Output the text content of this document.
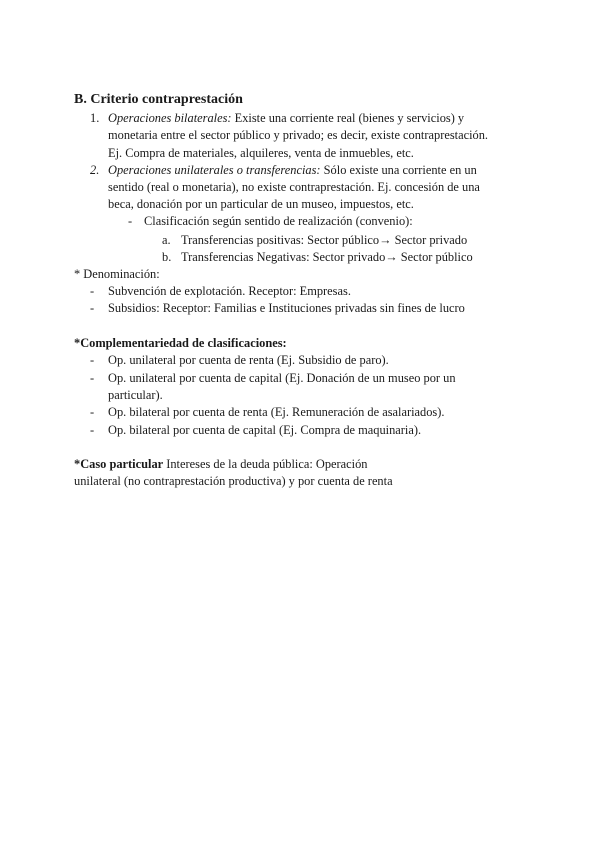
B. Criterio contraprestación
1. Operaciones bilaterales: Existe una corriente real (bienes y servicios) y
monetaria entre el sector público y privado; es decir, existe contraprestación.
Ej. Compra de materiales, alquileres, venta de inmuebles, etc.
2. Operaciones unilaterales o transferencias: Sólo existe una corriente en un
sentido (real o monetaria), no existe contraprestación. Ej. concesión de una
beca, donación por un particular de un museo, impuestos, etc.
- Clasificación según sentido de realización (convenio):
a. Transferencias positivas: Sector público→ Sector privado
b. Transferencias Negativas: Sector privado→ Sector público
* Denominación:
- Subvención de explotación. Receptor: Empresas.
- Subsidios: Receptor: Familias e Instituciones privadas sin fines de lucro
*Complementariedad de clasificaciones:
- Op. unilateral por cuenta de renta (Ej. Subsidio de paro).
- Op. unilateral por cuenta de capital (Ej. Donación de un museo por un
particular).
- Op. bilateral por cuenta de renta (Ej. Remuneración de asalariados).
- Op. bilateral por cuenta de capital (Ej. Compra de maquinaria).
*Caso particular Intereses de la deuda pública: Operación
unilateral (no contraprestación productiva) y por cuenta de renta
